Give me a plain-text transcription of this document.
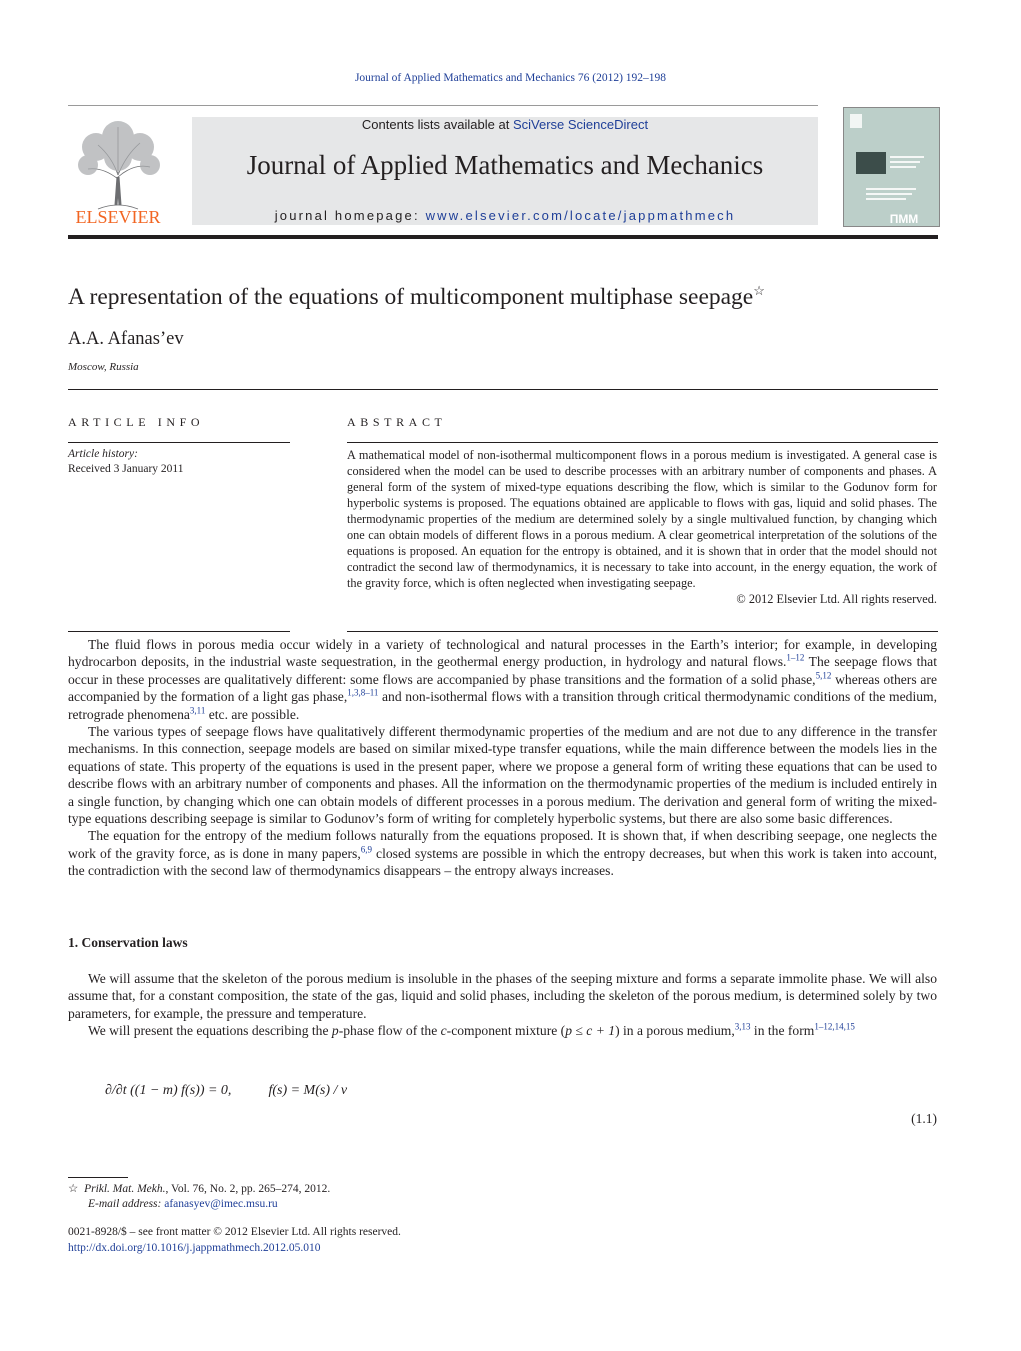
Journal of Applied Mathematics and Mechanics 76 (2012) 192–198
ELSEVIER
Contents lists available at SciVerse ScienceDirect
Journal of Applied Mathematics and Mechanics
journal homepage: www.elsevier.com/locate/jappmathmech	ПММ
A representation of the equations of multicomponent multiphase seepage☆
A.A. Afanas’ev
Moscow, Russia
ARTICLE INFO	ABSTRACT
Article history:
Received 3 January 2011

A mathematical model of non-isothermal multicomponent flows in a porous medium is investigated. A general case is considered when the model can be used to describe processes with an arbitrary number of components and phases. A general form of the system of mixed-type equations describing the flow, which is similar to the Godunov form for hyperbolic systems is proposed. The equations obtained are applicable to flows with gas, liquid and solid phases. The thermodynamic properties of the medium are determined solely by a single multivalued function, by changing which one can obtain models of different flows in a porous medium. A clear geometrical interpretation of the solutions of the equations is proposed. An equation for the entropy is obtained, and it is shown that in order that the model should not contradict the second law of thermodynamics, it is necessary to take into account, in the energy equation, the work of the gravity force, which is often neglected when investigating seepage.

© 2012 Elsevier Ltd. All rights reserved.

The fluid flows in porous media occur widely in a variety of technological and natural processes in the Earth’s interior; for example, in developing hydrocarbon deposits, in the industrial waste sequestration, in the geothermal energy production, in hydrology and natural flows.$^{1-12}$ The seepage flows that occur in these processes are qualitatively different: some flows are accompanied by phase transitions and the formation of a solid phase,$^{5,12}$ whereas others are accompanied by the formation of a light gas phase,$^{1,3,8-11}$ and non-isothermal flows with a transition through critical thermodynamic conditions of the medium, retrograde phenomena$^{3,11}$ etc. are possible.

The various types of seepage flows have qualitatively different thermodynamic properties of the medium and are not due to any difference in the transfer mechanisms. In this connection, seepage models are based on similar mixed-type transfer equations, while the main difference between the models lies in the equations of state. This property of the equations is used in the present paper, where we propose a general form of writing these equations that can be used to describe flows with an arbitrary number of components and phases. All the information on the thermodynamic properties of the medium is included entirely in a single function, by changing which one can obtain models of different processes in a porous medium. The derivation and general form of writing the mixed-type equations describing seepage is similar to Godunov’s form of writing for completely hyperbolic systems, but there are also some basic differences.

The equation for the entropy of the medium follows naturally from the equations proposed. It is shown that, if when describing seepage, one neglects the work of the gravity force, as is done in many papers,$^{6,9}$ closed systems are possible in which the entropy decreases, but when this work is taken into account, the contradiction with the second law of thermodynamics disappears – the entropy always increases.

1. Conservation laws

We will assume that the skeleton of the porous medium is insoluble in the phases of the seeping mixture and forms a separate immolite phase. We will also assume that, for a constant composition, the state of the gas, liquid and solid phases, including the skeleton of the porous medium, is determined solely by two parameters, for example, the pressure and temperature.

We will present the equations describing the p-phase flow of the c-component mixture (p ≤ c + 1) in a porous medium,$^{3,13}$ in the form$^{1-12,14,15}$

∂/∂t ((1 − m) f(s)) = 0,	f(s) = M(s) / v
(1.1)
☆ Prikl. Mat. Mekh., Vol. 76, No. 2, pp. 265–274, 2012.
E-mail address: afanasyev@imec.msu.ru
0021-8928/$ – see front matter © 2012 Elsevier Ltd. All rights reserved.
http://dx.doi.org/10.1016/j.jappmathmech.2012.05.010
